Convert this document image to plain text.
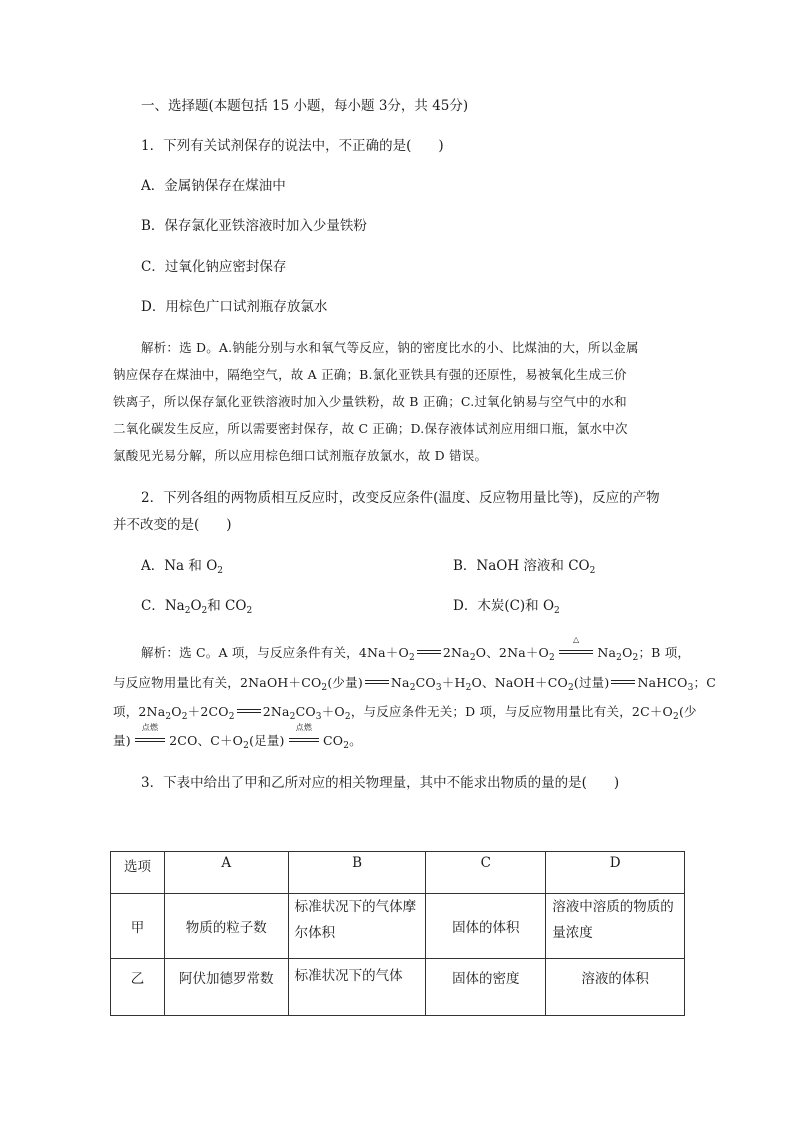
一、选择题(本题包括 15 小题，每小题 3分，共 45分)
1．下列有关试剂保存的说法中，不正确的是(　　)
A．金属钠保存在煤油中
B．保存氯化亚铁溶液时加入少量铁粉
C．过氧化钠应密封保存
D．用棕色广口试剂瓶存放氯水
解析：选 D。A.钠能分别与水和氧气等反应，钠的密度比水的小、比煤油的大，所以金属
钠应保存在煤油中，隔绝空气，故 A 正确；B.氯化亚铁具有强的还原性，易被氧化生成三价
铁离子，所以保存氯化亚铁溶液时加入少量铁粉，故 B 正确；C.过氧化钠易与空气中的水和
二氧化碳发生反应，所以需要密封保存，故 C 正确；D.保存液体试剂应用细口瓶，氯水中次
氯酸见光易分解，所以应用棕色细口试剂瓶存放氯水，故 D 错误。
2．下列各组的两物质相互反应时，改变反应条件(温度、反应物用量比等)，反应的产物
并不改变的是(　　)
A．Na 和 $O_2$	B．NaOH 溶液和 $CO_2$
C．$Na_2O_2$和 $CO_2$	D．木炭(C)和 $O_2$
解析：选 C。A 项，与反应条件有关，$4Na+O_2$ $2Na_2O$、$2Na+O_2$
△
$Na_2O_2$；B 项，
与反应物用量比有关，$2NaOH+CO_2$(少量) $Na_2CO_3+H_2O$、$NaOH+CO_2$(过量) NaHCO$_3$；C
项，$2Na_2O_2+2CO_2$ $2Na_2CO_3+O_2$，与反应条件无关；D 项，与反应物用量比有关，$2C+O_2$(少
量)
点燃
2CO、$C+O_2$(足量)
点燃
$CO_2$。
3．下表中给出了甲和乙所对应的相关物理量，其中不能求出物质的量的是(　　)
选项	A	B	C	D
甲	物质的粒子数	标准状况下的气体摩尔体积	固体的体积	溶液中溶质的物质的量浓度
乙	阿伏加德罗常数	标准状况下的气体	固体的密度	溶液的体积
